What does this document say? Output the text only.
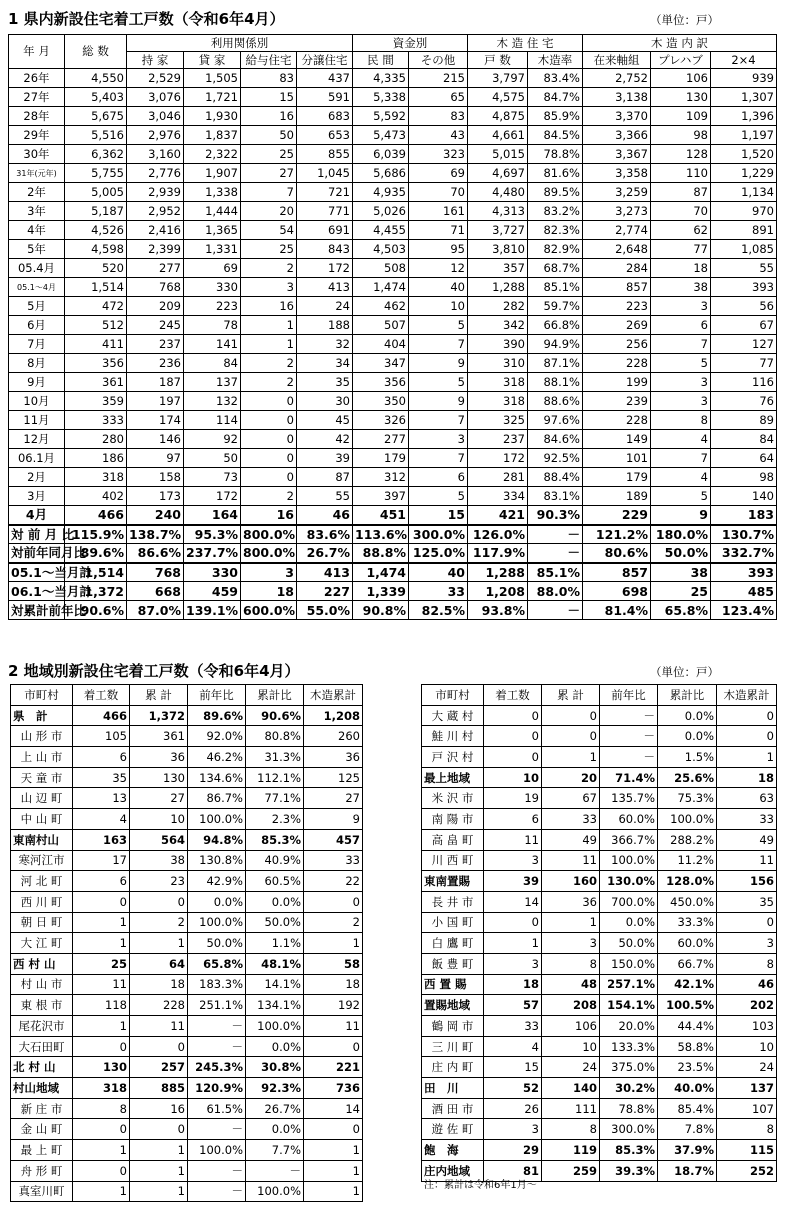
1 県内新設住宅着工戸数（令和6年4月）	（単位：戸）
年 月	総 数	利用関係別				資金別		木 造 住 宅		木 造 内 訳		
		持 家	貸 家	給与住宅	分譲住宅	民 間	その他	戸 数	木造率	在来軸組	プレハブ	2×4
26年	4,550	2,529	1,505	83	437	4,335	215	3,797	83.4%	2,752	106	939
27年	5,403	3,076	1,721	15	591	5,338	65	4,575	84.7%	3,138	130	1,307
28年	5,675	3,046	1,930	16	683	5,592	83	4,875	85.9%	3,370	109	1,396
29年	5,516	2,976	1,837	50	653	5,473	43	4,661	84.5%	3,366	98	1,197
30年	6,362	3,160	2,322	25	855	6,039	323	5,015	78.8%	3,367	128	1,520
31年(元年)	5,755	2,776	1,907	27	1,045	5,686	69	4,697	81.6%	3,358	110	1,229
2年	5,005	2,939	1,338	7	721	4,935	70	4,480	89.5%	3,259	87	1,134
3年	5,187	2,952	1,444	20	771	5,026	161	4,313	83.2%	3,273	70	970
4年	4,526	2,416	1,365	54	691	4,455	71	3,727	82.3%	2,774	62	891
5年	4,598	2,399	1,331	25	843	4,503	95	3,810	82.9%	2,648	77	1,085
05.4月	520	277	69	2	172	508	12	357	68.7%	284	18	55
05.1～4月	1,514	768	330	3	413	1,474	40	1,288	85.1%	857	38	393
5月	472	209	223	16	24	462	10	282	59.7%	223	3	56
6月	512	245	78	1	188	507	5	342	66.8%	269	6	67
7月	411	237	141	1	32	404	7	390	94.9%	256	7	127
8月	356	236	84	2	34	347	9	310	87.1%	228	5	77
9月	361	187	137	2	35	356	5	318	88.1%	199	3	116
10月	359	197	132	0	30	350	9	318	88.6%	239	3	76
11月	333	174	114	0	45	326	7	325	97.6%	228	8	89
12月	280	146	92	0	42	277	3	237	84.6%	149	4	84
06.1月	186	97	50	0	39	179	7	172	92.5%	101	7	64
2月	318	158	73	0	87	312	6	281	88.4%	179	4	98
3月	402	173	172	2	55	397	5	334	83.1%	189	5	140
4月	466	240	164	16	46	451	15	421	90.3%	229	9	183
対 前 月 比	115.9%	138.7%	95.3%	800.0%	83.6%	113.6%	300.0%	126.0%	－	121.2%	180.0%	130.7%
対前年同月比	89.6%	86.6%	237.7%	800.0%	26.7%	88.8%	125.0%	117.9%	－	80.6%	50.0%	332.7%
05.1～当月計	1,514	768	330	3	413	1,474	40	1,288	85.1%	857	38	393
06.1～当月計	1,372	668	459	18	227	1,339	33	1,208	88.0%	698	25	485
対累計前年比	90.6%	87.0%	139.1%	600.0%	55.0%	90.8%	82.5%	93.8%	－	81.4%	65.8%	123.4%
2 地域別新設住宅着工戸数（令和6年4月）	（単位：戸）
市町村	着工数	累 計	前年比	累計比	木造累計
県　計	466	1,372	89.6%	90.6%	1,208
山 形 市	105	361	92.0%	80.8%	260
上 山 市	6	36	46.2%	31.3%	36
天 童 市	35	130	134.6%	112.1%	125
山 辺 町	13	27	86.7%	77.1%	27
中 山 町	4	10	100.0%	2.3%	9
東南村山	163	564	94.8%	85.3%	457
寒河江市	17	38	130.8%	40.9%	33
河 北 町	6	23	42.9%	60.5%	22
西 川 町	0	0	0.0%	0.0%	0
朝 日 町	1	2	100.0%	50.0%	2
大 江 町	1	1	50.0%	1.1%	1
西 村 山	25	64	65.8%	48.1%	58
村 山 市	11	18	183.3%	14.1%	18
東 根 市	118	228	251.1%	134.1%	192
尾花沢市	1	11	－	100.0%	11
大石田町	0	0	－	0.0%	0
北 村 山	130	257	245.3%	30.8%	221
村山地域	318	885	120.9%	92.3%	736
新 庄 市	8	16	61.5%	26.7%	14
金 山 町	0	0	－	0.0%	0
最 上 町	1	1	100.0%	7.7%	1
舟 形 町	0	1	－	－	1
真室川町	1	1	－	100.0%	1
市町村	着工数	累 計	前年比	累計比	木造累計
大 蔵 村	0	0	－	0.0%	0
鮭 川 村	0	0	－	0.0%	0
戸 沢 村	0	1	－	1.5%	1
最上地域	10	20	71.4%	25.6%	18
米 沢 市	19	67	135.7%	75.3%	63
南 陽 市	6	33	60.0%	100.0%	33
高 畠 町	11	49	366.7%	288.2%	49
川 西 町	3	11	100.0%	11.2%	11
東南置賜	39	160	130.0%	128.0%	156
長 井 市	14	36	700.0%	450.0%	35
小 国 町	0	1	0.0%	33.3%	0
白 鷹 町	1	3	50.0%	60.0%	3
飯 豊 町	3	8	150.0%	66.7%	8
西 置 賜	18	48	257.1%	42.1%	46
置賜地域	57	208	154.1%	100.5%	202
鶴 岡 市	33	106	20.0%	44.4%	103
三 川 町	4	10	133.3%	58.8%	10
庄 内 町	15	24	375.0%	23.5%	24
田　川	52	140	30.2%	40.0%	137
酒 田 市	26	111	78.8%	85.4%	107
遊 佐 町	3	8	300.0%	7.8%	8
飽　海	29	119	85.3%	37.9%	115
庄内地域	81	259	39.3%	18.7%	252
注：累計は令和6年1月～
